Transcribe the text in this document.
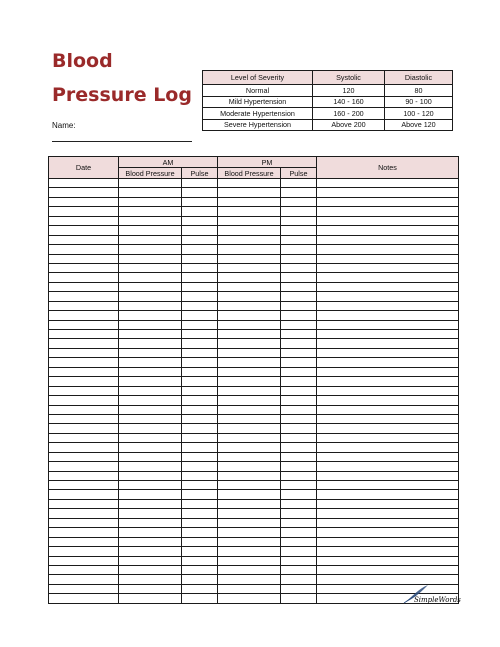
Blood
Pressure Log
Name:
Level of Severity	Systolic	Diastolic
Normal	120	80
Mild Hypertension	140 - 160	90 - 100
Moderate Hypertension	160 - 200	100 - 120
Severe Hypertension	Above 200	Above 120
Date	AM		PM		Notes
	Blood Pressure	Pulse	Blood Pressure	Pulse	

SimpleWords
